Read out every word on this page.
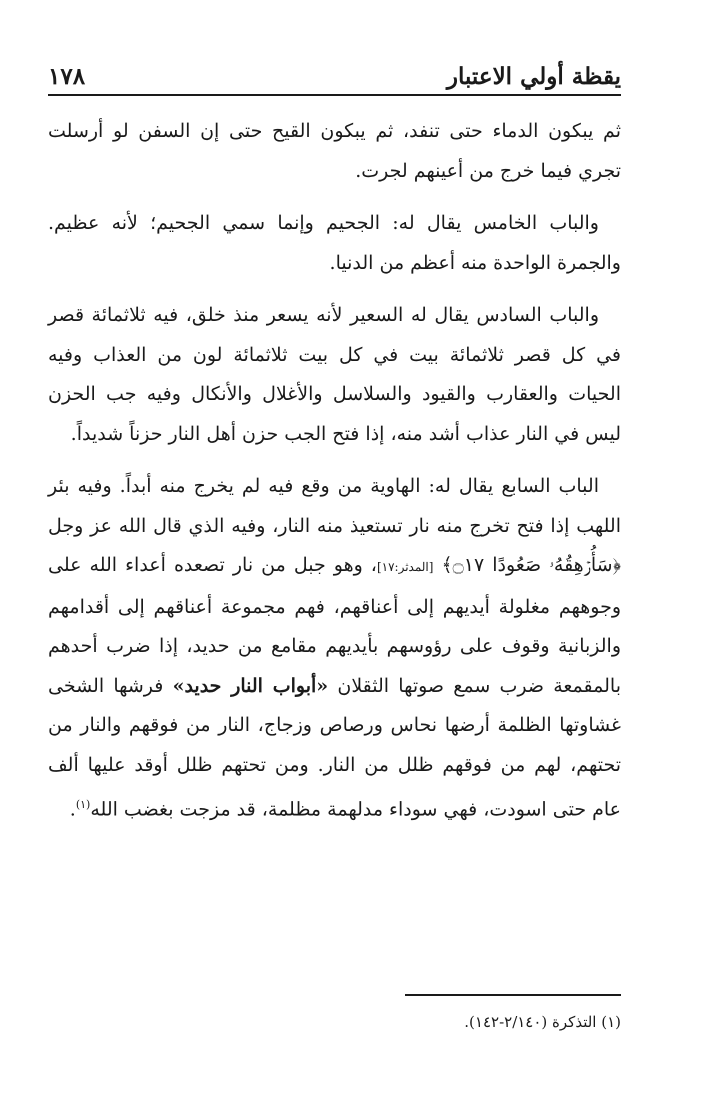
يقظة أولي الاعتبار
١٧٨

ثم يبكون الدماء حتى تنفد، ثم يبكون القيح حتى إن السفن لو أرسلت تجري فيما خرج من أعينهم لجرت.

والباب الخامس يقال له: الجحيم وإنما سمي الجحيم؛ لأنه عظيم. والجمرة الواحدة منه أعظم من الدنيا.

والباب السادس يقال له السعير لأنه يسعر منذ خلق، فيه ثلاثمائة قصر في كل قصر ثلاثمائة بيت في كل بيت ثلاثمائة لون من العذاب وفيه الحيات والعقارب والقيود والسلاسل والأغلال والأنكال وفيه جب الحزن ليس في النار عذاب أشد منه، إذا فتح الجب حزن أهل النار حزناً شديداً.

الباب السابع يقال له: الهاوية من وقع فيه لم يخرج منه أبداً. وفيه بئر اللهب إذا فتح تخرج منه نار تستعيذ منه النار، وفيه الذي قال الله عز وجل ﴿سَأُرۡهِقُهُۥ صَعُودًا ۝١٧﴾ [المدثر:١٧]، وهو جبل من نار تصعده أعداء الله على وجوههم مغلولة أيديهم إلى أعناقهم، فهم مجموعة أعناقهم إلى أقدامهم والزبانية وقوف على رؤوسهم بأيديهم مقامع من حديد، إذا ضرب أحدهم بالمقمعة ضرب سمع صوتها الثقلان «أبواب النار حديد» فرشها الشخى غشاوتها الظلمة أرضها نحاس ورصاص وزجاج، النار من فوقهم والنار من تحتهم، لهم من فوقهم ظلل من النار. ومن تحتهم ظلل أوقد عليها ألف عام حتى اسودت، فهي سوداء مدلهمة مظلمة، قد مزجت بغضب الله$^{(١)}$.

(١) التذكرة (٢/١٤٠-١٤٢).
